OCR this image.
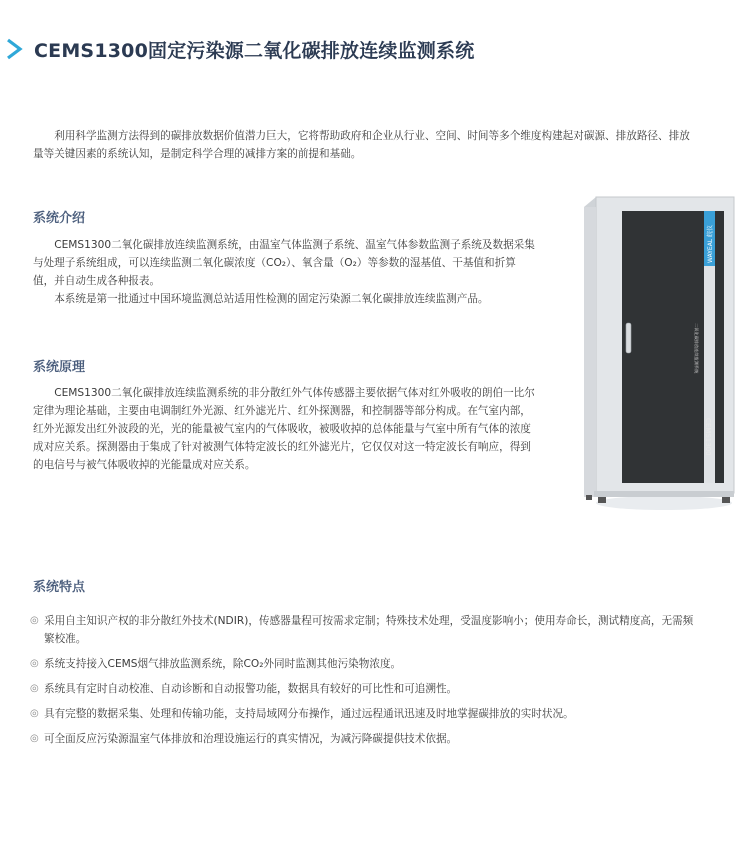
CEMS1300固定污染源二氧化碳排放连续监测系统

利用科学监测方法得到的碳排放数据价值潜力巨大，它将帮助政府和企业从行业、空间、时间等多个维度构建起对碳源、排放路径、排放量等关键因素的系统认知，是制定科学合理的减排方案的前提和基础。

系统介绍

CEMS1300二氧化碳排放连续监测系统，由温室气体监测子系统、温室气体参数监测子系统及数据采集与处理子系统组成，可以连续监测二氧化碳浓度（CO₂）、氧含量（O₂）等参数的湿基值、干基值和折算值，并自动生成各种报表。

本系统是第一批通过中国环境监测总站适用性检测的固定污染源二氧化碳排放连续监测产品。

系统原理

CEMS1300二氧化碳排放连续监测系统的非分散红外气体传感器主要依据气体对红外吸收的朗伯一比尔定律为理论基础，主要由电调制红外光源、红外滤光片、红外探测器，和控制器等部分构成。在气室内部，红外光源发出红外波段的光，光的能量被气室内的气体吸收，被吸收掉的总体能量与气室中所有气体的浓度成对应关系。探测器由于集成了针对被测气体特定波长的红外滤光片，它仅仅对这一特定波长有响应，得到的电信号与被气体吸收掉的光能量成对应关系。

系统特点
◎ 采用自主知识产权的非分散红外技术(NDIR)，传感器量程可按需求定制；特殊技术处理，受温度影响小；使用寿命长，测试精度高，无需频繁校准。
◎ 系统支持接入CEMS烟气排放监测系统，除CO₂外同时监测其他污染物浓度。
◎ 系统具有定时自动校准、自动诊断和自动报警功能，数据具有较好的可比性和可追溯性。
◎ 具有完整的数据采集、处理和传输功能，支持局域网分布操作，通过远程通讯迅速及时地掌握碳排放的实时状况。
◎ 可全面反应污染源温室气体排放和治理设施运行的真实情况，为减污降碳提供技术依据。
WAYEAL 皖仪
二氧化碳排放连续监测系统
CEMS1300
